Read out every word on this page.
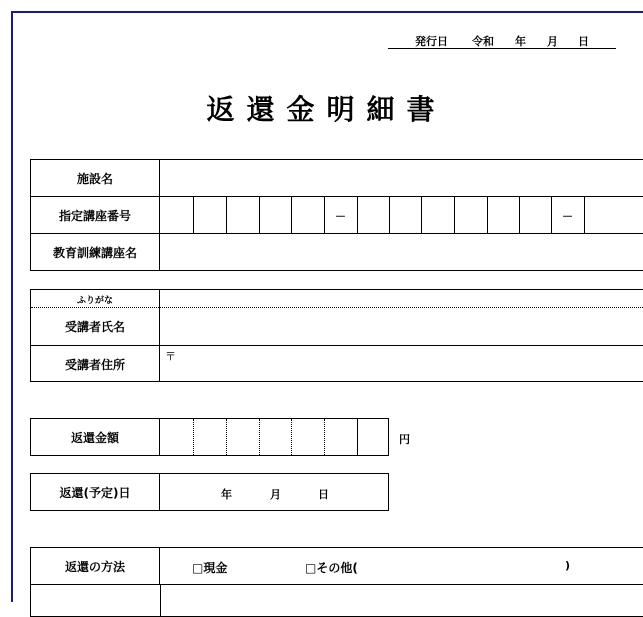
発行日 令和 年 月 日
返還金明細書
施設名
指定講座番号	－	－
教育訓練講座名
ふりがな
受講者氏名
受講者住所
〒
返還金額	円
返還(予定)日	年	月	日
返還の方法	□現金	□その他(	)
